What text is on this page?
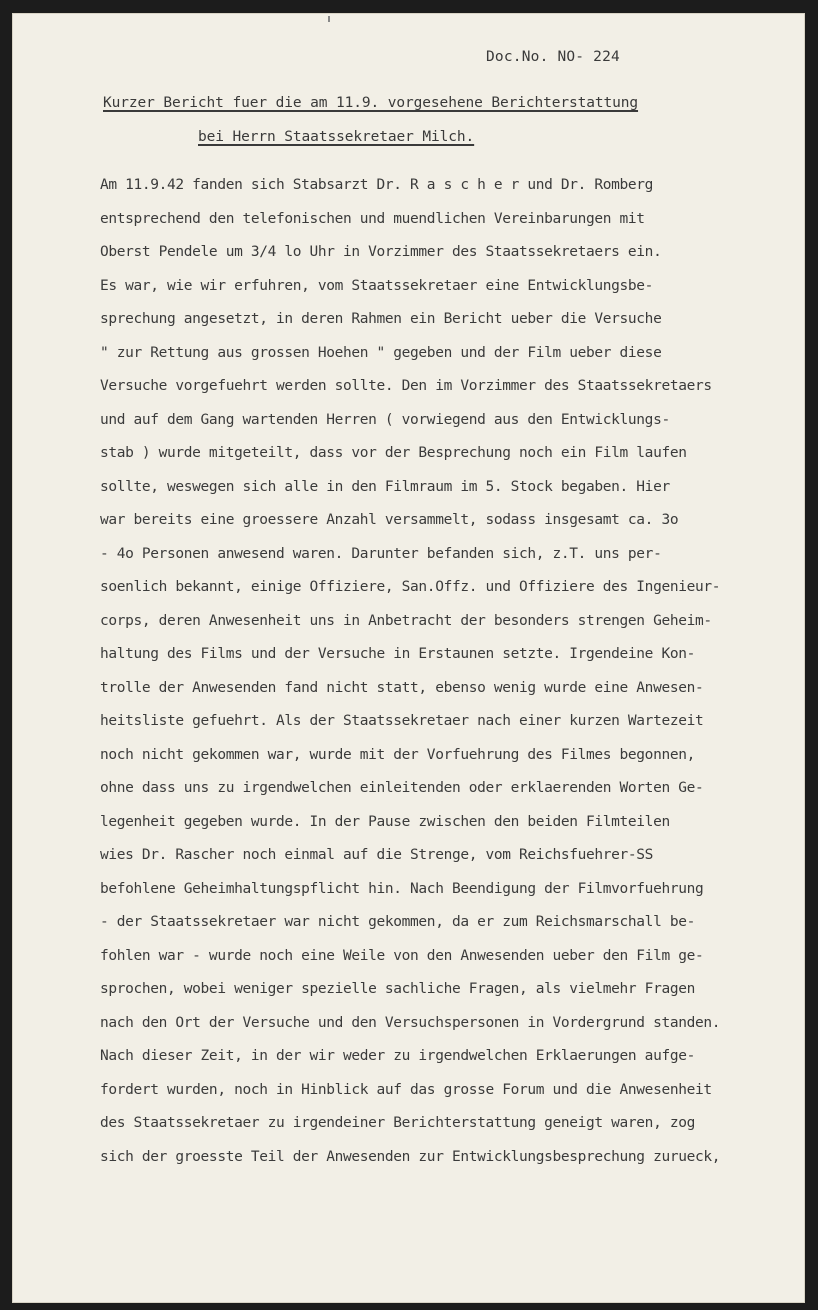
Doc.No. NO- 224
Kurzer Bericht fuer die am 11.9. vorgesehene Berichterstattung
bei Herrn Staatssekretaer Milch.
Am 11.9.42 fanden sich Stabsarzt Dr. R a s c h e r und Dr. Romberg
entsprechend den telefonischen und muendlichen Vereinbarungen mit
Oberst Pendele um 3/4 lo Uhr in Vorzimmer des Staatssekretaers ein.
Es war, wie wir erfuhren, vom Staatssekretaer eine Entwicklungsbe-
sprechung angesetzt, in deren Rahmen ein Bericht ueber die Versuche
" zur Rettung aus grossen Hoehen " gegeben und der Film ueber diese
Versuche vorgefuehrt werden sollte. Den im Vorzimmer des Staatssekretaers
und auf dem Gang wartenden Herren ( vorwiegend aus den Entwicklungs-
stab ) wurde mitgeteilt, dass vor der Besprechung noch ein Film laufen
sollte, weswegen sich alle in den Filmraum im 5. Stock begaben. Hier
war bereits eine groessere Anzahl versammelt, sodass insgesamt ca. 3o
- 4o Personen anwesend waren. Darunter befanden sich, z.T. uns per-
soenlich bekannt, einige Offiziere, San.Offz. und Offiziere des Ingenieur-
corps, deren Anwesenheit uns in Anbetracht der besonders strengen Geheim-
haltung des Films und der Versuche in Erstaunen setzte. Irgendeine Kon-
trolle der Anwesenden fand nicht statt, ebenso wenig wurde eine Anwesen-
heitsliste gefuehrt. Als der Staatssekretaer nach einer kurzen Wartezeit
noch nicht gekommen war, wurde mit der Vorfuehrung des Filmes begonnen,
ohne dass uns zu irgendwelchen einleitenden oder erklaerenden Worten Ge-
legenheit gegeben wurde. In der Pause zwischen den beiden Filmteilen
wies Dr. Rascher noch einmal auf die Strenge, vom Reichsfuehrer-SS
befohlene Geheimhaltungspflicht hin. Nach Beendigung der Filmvorfuehrung
- der Staatssekretaer war nicht gekommen, da er zum Reichsmarschall be-
fohlen war - wurde noch eine Weile von den Anwesenden ueber den Film ge-
sprochen, wobei weniger spezielle sachliche Fragen, als vielmehr Fragen
nach den Ort der Versuche und den Versuchspersonen in Vordergrund standen.
Nach dieser Zeit, in der wir weder zu irgendwelchen Erklaerungen aufge-
fordert wurden, noch in Hinblick auf das grosse Forum und die Anwesenheit
des Staatssekretaer zu irgendeiner Berichterstattung geneigt waren, zog
sich der groesste Teil der Anwesenden zur Entwicklungsbesprechung zurueck,
